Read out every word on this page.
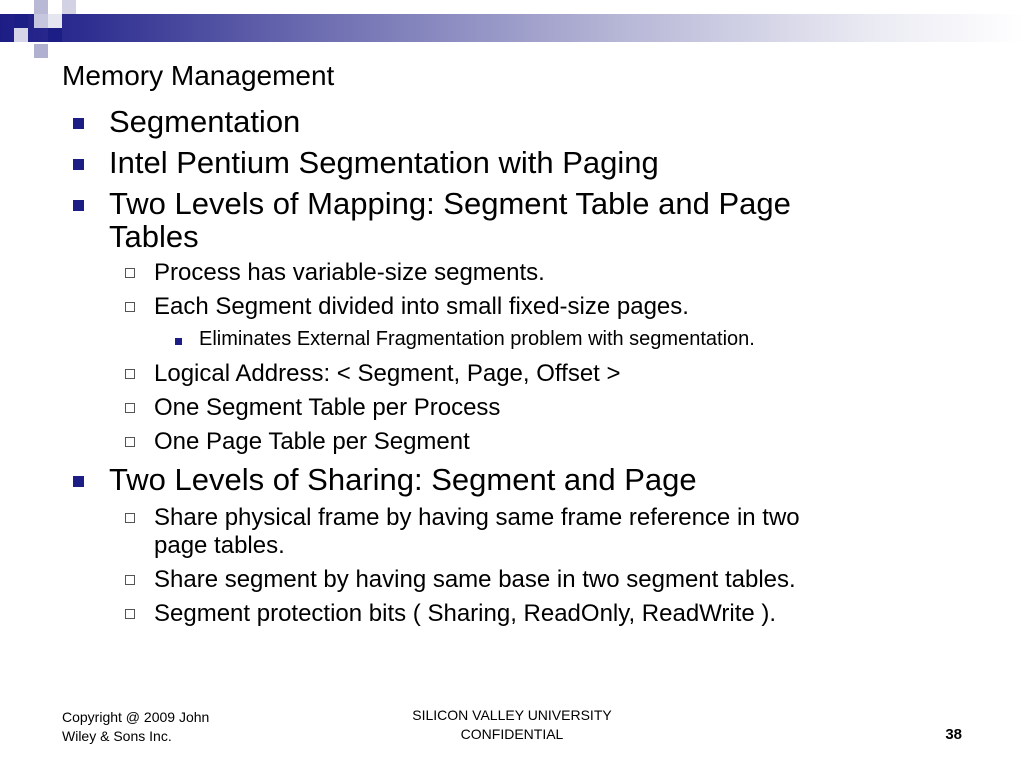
Memory Management
Segmentation
Intel Pentium Segmentation with Paging
Two Levels of Mapping: Segment Table and Page
Tables
Process has variable-size segments.
Each Segment divided into small fixed-size pages.
Eliminates External Fragmentation problem with segmentation.
Logical Address: < Segment, Page, Offset >
One Segment Table per Process
One Page Table per Segment
Two Levels of Sharing: Segment and Page
Share physical frame by having same frame reference in two
page tables.
Share segment by having same base in two segment tables.
Segment protection bits ( Sharing, ReadOnly, ReadWrite ).
Copyright @ 2009 John
Wiley & Sons Inc.
SILICON VALLEY UNIVERSITY
CONFIDENTIAL	38
